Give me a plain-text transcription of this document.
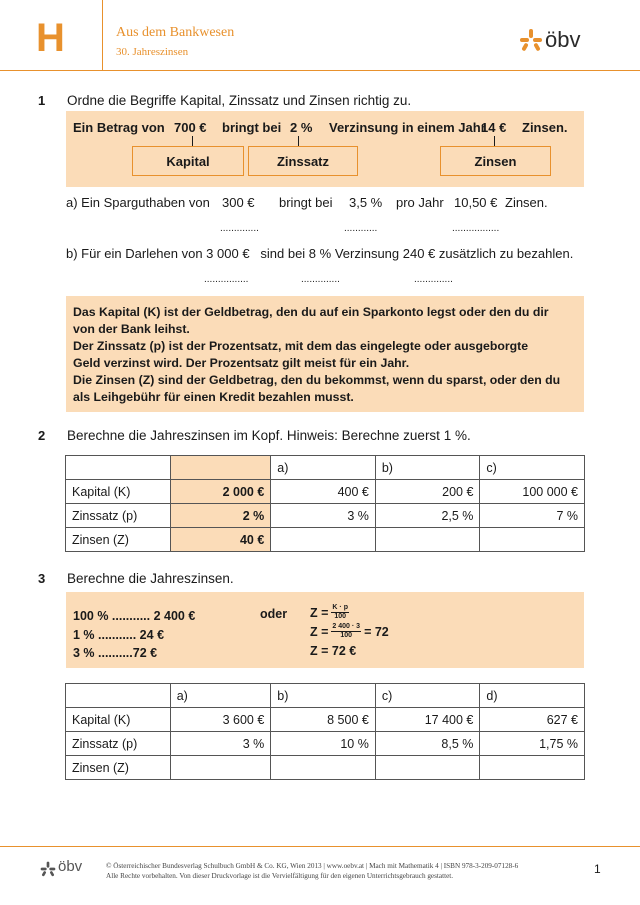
H	Aus dem Bankwesen
30. Jahreszinsen	öbv
1 Ordne die Begriffe Kapital, Zinssatz und Zinsen richtig zu.
Ein Betrag von 700 € bringt bei 2 % Verzinsung in einem Jahr
14 € Zinsen.
Kapital	Zinssatz	Zinsen
a) Ein Sparguthaben von 300 € bringt bei 3,5 % pro Jahr 10,50 € Zinsen.
..............	............	.................
b) Für ein Darlehen von 3 000 €   sind bei 8 % Verzinsung 240 € zusätzlich zu bezahlen.
................	..............	..............
Das Kapital (K) ist der Geldbetrag, den du auf ein Sparkonto legst oder den du dir
von der Bank leihst.
Der Zinssatz (p) ist der Prozentsatz, mit dem das eingelegte oder ausgeborgte
Geld verzinst wird. Der Prozentsatz gilt meist für ein Jahr.
Die Zinsen (Z) sind der Geldbetrag, den du bekommst, wenn du sparst, oder den du
als Leihgebühr für einen Kredit bezahlen musst.
2 Berechne die Jahreszinsen im Kopf. Hinweis: Berechne zuerst 1 %.
		a)	b)	c)
Kapital (K)	2 000 €	400 €	200 €	100 000 €
Zinssatz (p)	2 %	3 %	2,5 %	7 %
Zinsen (Z)	40 €			
3 Berechne die Jahreszinsen.
100 % ........... 2 400 €
1 % ........... 24 €
3 % ..........72 €
oder $Z = \frac{K \cdot p}{100}$
$Z = \frac{2 400 \cdot 3}{100} = 72$
Z = 72 €
	a)	b)	c)	d)
Kapital (K)	3 600 €	8 500 €	17 400 €	627 €
Zinssatz (p)	3 %	10 %	8,5 %	1,75 %
Zinsen (Z)				
öbv	© Österreichischer Bundesverlag Schulbuch GmbH & Co. KG, Wien 2013 | www.oebv.at | Mach mit Mathematik 4 | ISBN 978-3-209-07128-6
Alle Rechte vorbehalten. Von dieser Druckvorlage ist die Vervielfältigung für den eigenen Unterrichtsgebrauch gestattet.	1
